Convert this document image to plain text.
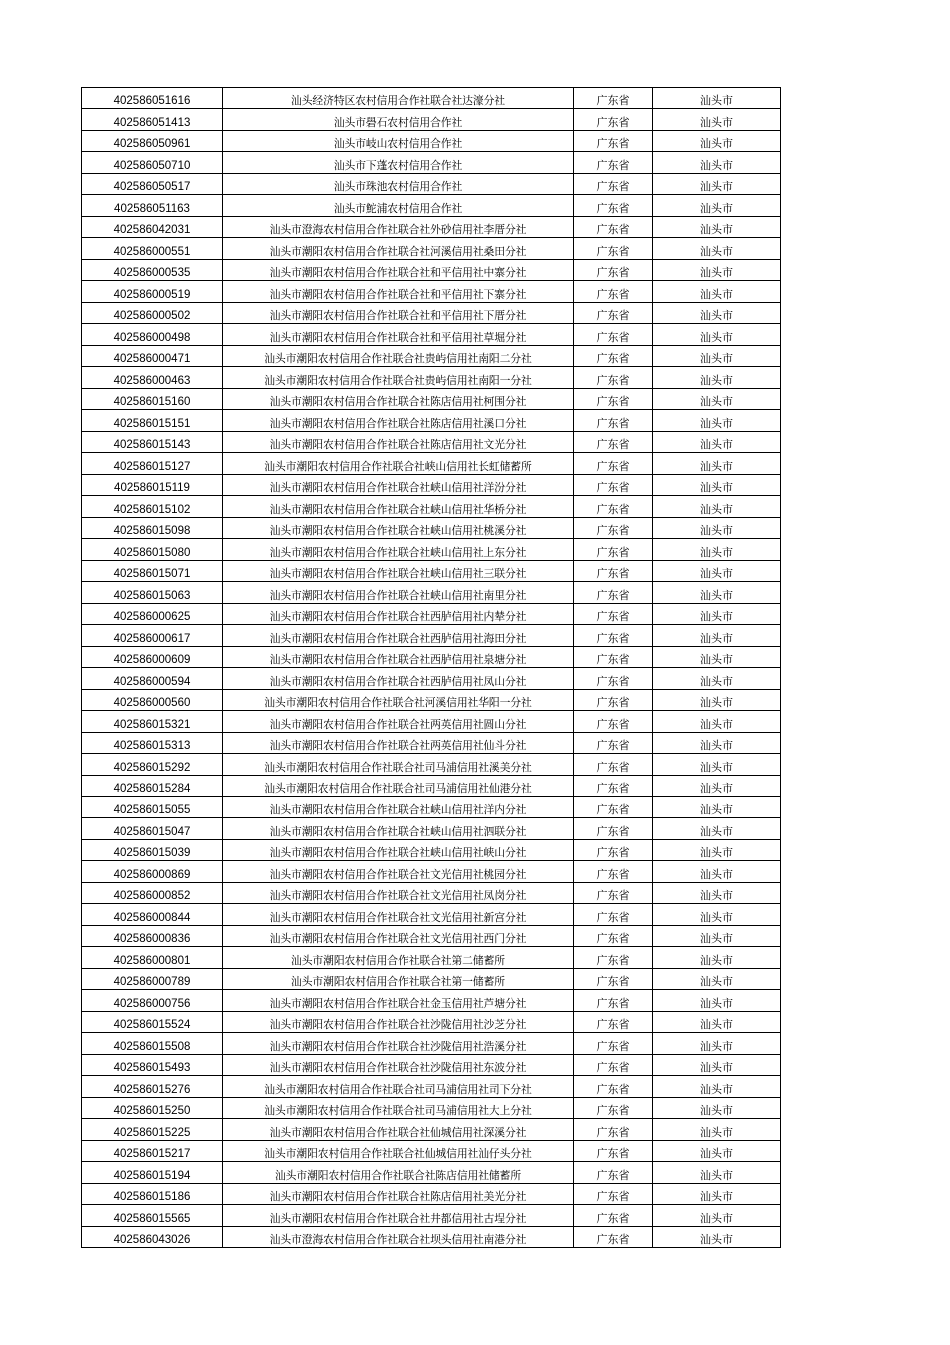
402586051616	汕头经济特区农村信用合作社联合社达濠分社	广东省	汕头市
402586051413	汕头市礐石农村信用合作社	广东省	汕头市
402586050961	汕头市岐山农村信用合作社	广东省	汕头市
402586050710	汕头市下蓬农村信用合作社	广东省	汕头市
402586050517	汕头市珠池农村信用合作社	广东省	汕头市
402586051163	汕头市鮀浦农村信用合作社	广东省	汕头市
402586042031	汕头市澄海农村信用合作社联合社外砂信用社李厝分社	广东省	汕头市
402586000551	汕头市潮阳农村信用合作社联合社河溪信用社桑田分社	广东省	汕头市
402586000535	汕头市潮阳农村信用合作社联合社和平信用社中寨分社	广东省	汕头市
402586000519	汕头市潮阳农村信用合作社联合社和平信用社下寨分社	广东省	汕头市
402586000502	汕头市潮阳农村信用合作社联合社和平信用社下厝分社	广东省	汕头市
402586000498	汕头市潮阳农村信用合作社联合社和平信用社草堀分社	广东省	汕头市
402586000471	汕头市潮阳农村信用合作社联合社贵屿信用社南阳二分社	广东省	汕头市
402586000463	汕头市潮阳农村信用合作社联合社贵屿信用社南阳一分社	广东省	汕头市
402586015160	汕头市潮阳农村信用合作社联合社陈店信用社柯围分社	广东省	汕头市
402586015151	汕头市潮阳农村信用合作社联合社陈店信用社溪口分社	广东省	汕头市
402586015143	汕头市潮阳农村信用合作社联合社陈店信用社文光分社	广东省	汕头市
402586015127	汕头市潮阳农村信用合作社联合社峡山信用社长虹储蓄所	广东省	汕头市
402586015119	汕头市潮阳农村信用合作社联合社峡山信用社洋汾分社	广东省	汕头市
402586015102	汕头市潮阳农村信用合作社联合社峡山信用社华桥分社	广东省	汕头市
402586015098	汕头市潮阳农村信用合作社联合社峡山信用社桃溪分社	广东省	汕头市
402586015080	汕头市潮阳农村信用合作社联合社峡山信用社上东分社	广东省	汕头市
402586015071	汕头市潮阳农村信用合作社联合社峡山信用社三联分社	广东省	汕头市
402586015063	汕头市潮阳农村信用合作社联合社峡山信用社南里分社	广东省	汕头市
402586000625	汕头市潮阳农村信用合作社联合社西胪信用社内辇分社	广东省	汕头市
402586000617	汕头市潮阳农村信用合作社联合社西胪信用社海田分社	广东省	汕头市
402586000609	汕头市潮阳农村信用合作社联合社西胪信用社泉塘分社	广东省	汕头市
402586000594	汕头市潮阳农村信用合作社联合社西胪信用社凤山分社	广东省	汕头市
402586000560	汕头市潮阳农村信用合作社联合社河溪信用社华阳一分社	广东省	汕头市
402586015321	汕头市潮阳农村信用合作社联合社两英信用社圆山分社	广东省	汕头市
402586015313	汕头市潮阳农村信用合作社联合社两英信用社仙斗分社	广东省	汕头市
402586015292	汕头市潮阳农村信用合作社联合社司马浦信用社溪美分社	广东省	汕头市
402586015284	汕头市潮阳农村信用合作社联合社司马浦信用社仙港分社	广东省	汕头市
402586015055	汕头市潮阳农村信用合作社联合社峡山信用社洋内分社	广东省	汕头市
402586015047	汕头市潮阳农村信用合作社联合社峡山信用社泗联分社	广东省	汕头市
402586015039	汕头市潮阳农村信用合作社联合社峡山信用社峡山分社	广东省	汕头市
402586000869	汕头市潮阳农村信用合作社联合社文光信用社桃园分社	广东省	汕头市
402586000852	汕头市潮阳农村信用合作社联合社文光信用社凤岗分社	广东省	汕头市
402586000844	汕头市潮阳农村信用合作社联合社文光信用社新宫分社	广东省	汕头市
402586000836	汕头市潮阳农村信用合作社联合社文光信用社西门分社	广东省	汕头市
402586000801	汕头市潮阳农村信用合作社联合社第二储蓄所	广东省	汕头市
402586000789	汕头市潮阳农村信用合作社联合社第一储蓄所	广东省	汕头市
402586000756	汕头市潮阳农村信用合作社联合社金玉信用社芦塘分社	广东省	汕头市
402586015524	汕头市潮阳农村信用合作社联合社沙陇信用社沙芝分社	广东省	汕头市
402586015508	汕头市潮阳农村信用合作社联合社沙陇信用社浩溪分社	广东省	汕头市
402586015493	汕头市潮阳农村信用合作社联合社沙陇信用社东波分社	广东省	汕头市
402586015276	汕头市潮阳农村信用合作社联合社司马浦信用社司下分社	广东省	汕头市
402586015250	汕头市潮阳农村信用合作社联合社司马浦信用社大上分社	广东省	汕头市
402586015225	汕头市潮阳农村信用合作社联合社仙城信用社深溪分社	广东省	汕头市
402586015217	汕头市潮阳农村信用合作社联合社仙城信用社汕仔头分社	广东省	汕头市
402586015194	汕头市潮阳农村信用合作社联合社陈店信用社储蓄所	广东省	汕头市
402586015186	汕头市潮阳农村信用合作社联合社陈店信用社美光分社	广东省	汕头市
402586015565	汕头市潮阳农村信用合作社联合社井都信用社古埕分社	广东省	汕头市
402586043026	汕头市澄海农村信用合作社联合社坝头信用社南港分社	广东省	汕头市
